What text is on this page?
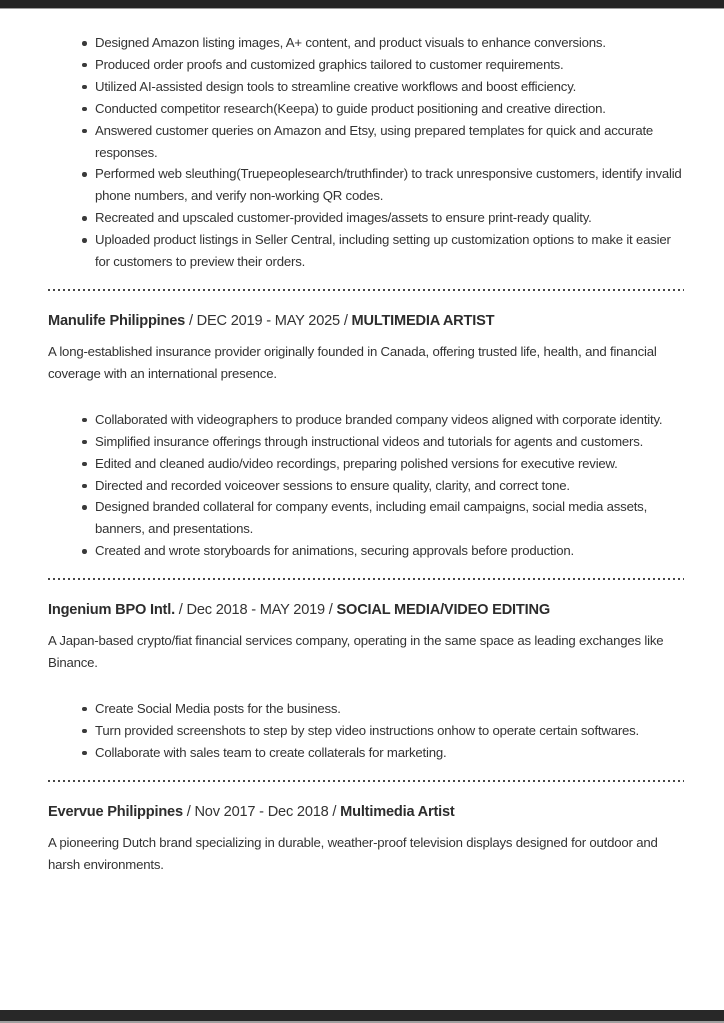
Designed Amazon listing images, A+ content, and product visuals to enhance conversions.
Produced order proofs and customized graphics tailored to customer requirements.
Utilized AI-assisted design tools to streamline creative workflows and boost efficiency.
Conducted competitor research(Keepa) to guide product positioning and creative direction.
Answered customer queries on Amazon and Etsy, using prepared templates for quick and accurate responses.
Performed web sleuthing(Truepeoplesearch/truthfinder) to track unresponsive customers, identify invalid phone numbers, and verify non-working QR codes.
Recreated and upscaled customer-provided images/assets to ensure print-ready quality.
Uploaded product listings in Seller Central, including setting up customization options to make it easier for customers to preview their orders.
Manulife Philippines / DEC 2019 - MAY 2025 / MULTIMEDIA ARTIST

A long-established insurance provider originally founded in Canada, offering trusted life, health, and financial coverage with an international presence.

Collaborated with videographers to produce branded company videos aligned with corporate identity.
Simplified insurance offerings through instructional videos and tutorials for agents and customers.
Edited and cleaned audio/video recordings, preparing polished versions for executive review.
Directed and recorded voiceover sessions to ensure quality, clarity, and correct tone.
Designed branded collateral for company events, including email campaigns, social media assets, banners, and presentations.
Created and wrote storyboards for animations, securing approvals before production.
Ingenium BPO Intl. / Dec 2018 - MAY 2019 / SOCIAL MEDIA/VIDEO EDITING

A Japan-based crypto/fiat financial services company, operating in the same space as leading exchanges like Binance.

Create Social Media posts for the business.
Turn provided screenshots to step by step video instructions onhow to operate certain softwares.
Collaborate with sales team to create collaterals for marketing.
Evervue Philippines / Nov 2017 - Dec 2018 / Multimedia Artist

A pioneering Dutch brand specializing in durable, weather-proof television displays designed for outdoor and harsh environments.
